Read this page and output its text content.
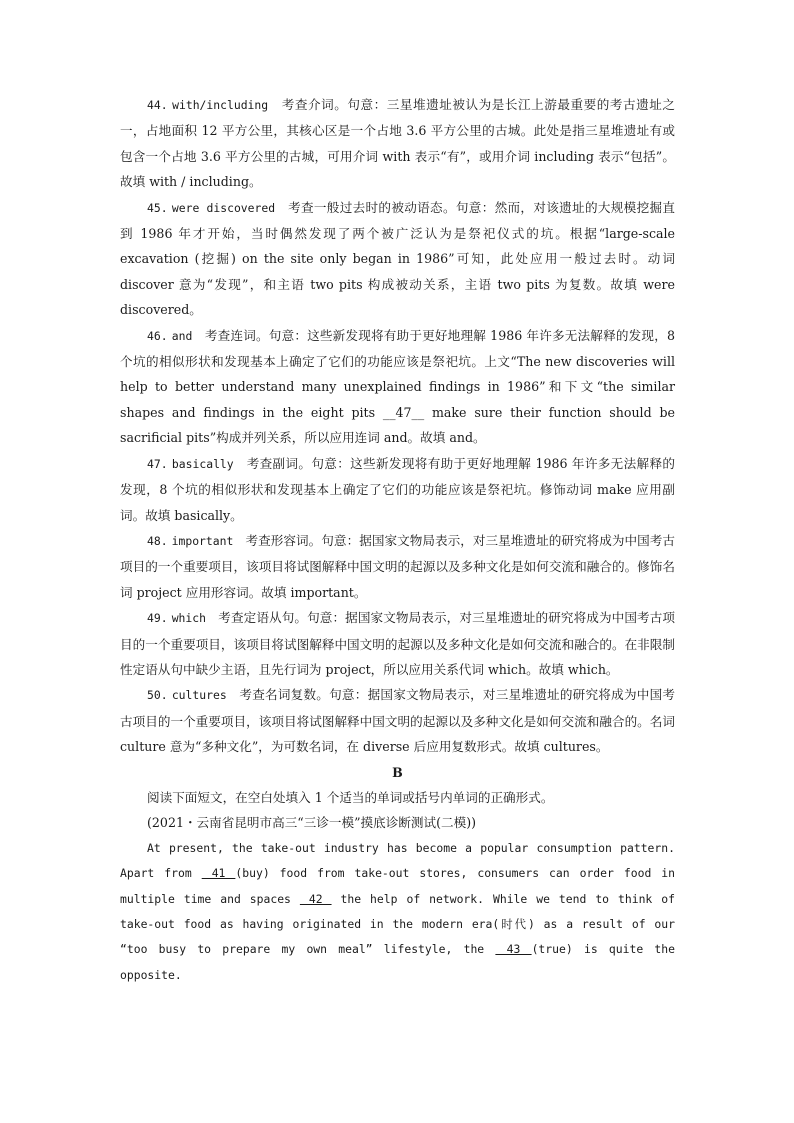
44. with/including 考查介词。句意：三星堆遗址被认为是长江上游最重要的考古遗址之一，占地面积 12 平方公里，其核心区是一个占地 3.6 平方公里的古城。此处是指三星堆遗址有或包含一个占地 3.6 平方公里的古城，可用介词 with 表示“有”，或用介词 including 表示“包括”。故填 with / including。

45. were discovered 考查一般过去时的被动语态。句意：然而，对该遗址的大规模挖掘直到 1986 年才开始，当时偶然发现了两个被广泛认为是祭祀仪式的坑。根据“large-scale excavation (挖掘) on the site only began in 1986”可知，此处应用一般过去时。动词 discover 意为“发现”，和主语 two pits 构成被动关系，主语 two pits 为复数。故填 were discovered。

46. and 考查连词。句意：这些新发现将有助于更好地理解 1986 年许多无法解释的发现，8 个坑的相似形状和发现基本上确定了它们的功能应该是祭祀坑。上文“The new discoveries will help to better understand many unexplained findings in 1986”和下文“the similar shapes and findings in the eight pits __47__ make sure their function should be sacrificial pits”构成并列关系，所以应用连词 and。故填 and。

47. basically 考查副词。句意：这些新发现将有助于更好地理解 1986 年许多无法解释的发现，8 个坑的相似形状和发现基本上确定了它们的功能应该是祭祀坑。修饰动词 make 应用副词。故填 basically。

48. important 考查形容词。句意：据国家文物局表示，对三星堆遗址的研究将成为中国考古项目的一个重要项目，该项目将试图解释中国文明的起源以及多种文化是如何交流和融合的。修饰名词 project 应用形容词。故填 important。

49. which 考查定语从句。句意：据国家文物局表示，对三星堆遗址的研究将成为中国考古项目的一个重要项目，该项目将试图解释中国文明的起源以及多种文化是如何交流和融合的。在非限制性定语从句中缺少主语，且先行词为 project，所以应用关系代词 which。故填 which。

50. cultures 考查名词复数。句意：据国家文物局表示，对三星堆遗址的研究将成为中国考古项目的一个重要项目，该项目将试图解释中国文明的起源以及多种文化是如何交流和融合的。名词 culture 意为“多种文化”，为可数名词，在 diverse 后应用复数形式。故填 cultures。

B

阅读下面短文，在空白处填入 1 个适当的单词或括号内单词的正确形式。

(2021・云南省昆明市高三“三诊一模”摸底诊断测试(二模))

At present, the take-out industry has become a popular consumption pattern. Apart from  41 (buy) food from take-out stores, consumers can order food in multiple time and spaces  42  the help of network. While we tend to think of take-out food as having originated in the modern era(时代) as a result of our “too busy to prepare my own meal” lifestyle, the  43 (true) is quite the opposite.
